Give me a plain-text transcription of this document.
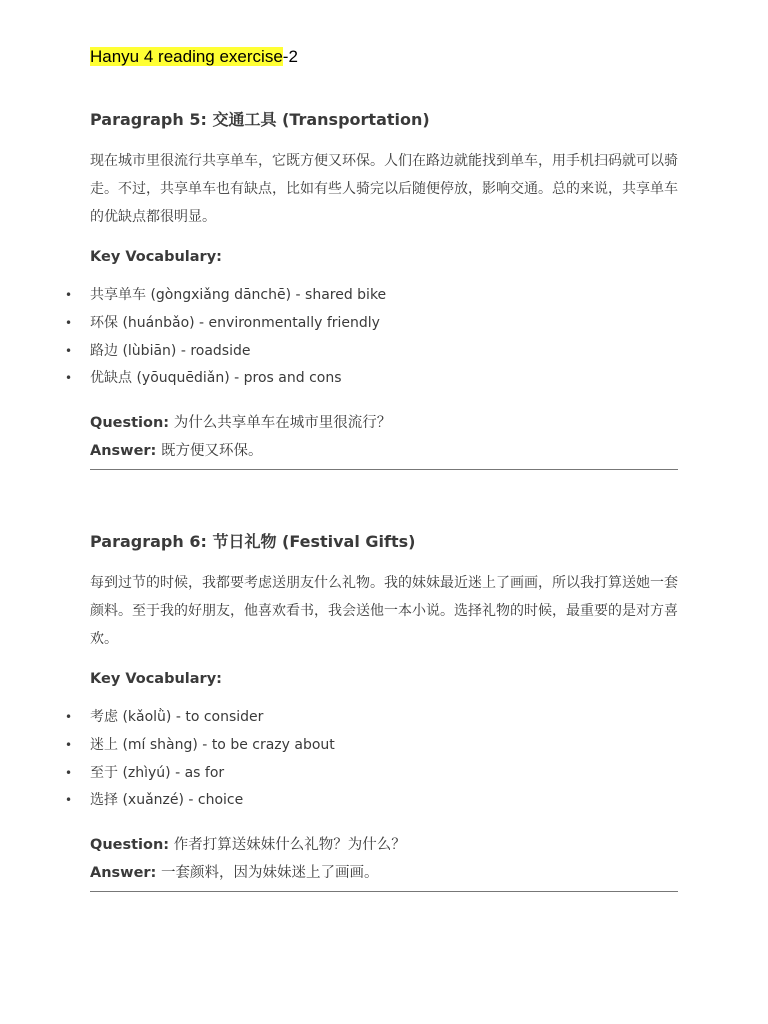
Hanyu 4 reading exercise-2
Paragraph 5: 交通工具 (Transportation)

现在城市里很流行共享单车，它既方便又环保。人们在路边就能找到单车，用手机扫码就可以骑走。不过，共享单车也有缺点，比如有些人骑完以后随便停放，影响交通。总的来说，共享单车的优缺点都很明显。

Key Vocabulary:

• 共享单车 (gòngxiǎng dānchē) - shared bike
• 环保 (huánbǎo) - environmentally friendly
• 路边 (lùbiān) - roadside
• 优缺点 (yōuquēdiǎn) - pros and cons

Question: 为什么共享单车在城市里很流行？

Answer: 既方便又环保。

Paragraph 6: 节日礼物 (Festival Gifts)

每到过节的时候，我都要考虑送朋友什么礼物。我的妹妹最近迷上了画画，所以我打算送她一套颜料。至于我的好朋友，他喜欢看书，我会送他一本小说。选择礼物的时候，最重要的是对方喜欢。

Key Vocabulary:

• 考虑 (kǎolǜ) - to consider
• 迷上 (mí shàng) - to be crazy about
• 至于 (zhìyú) - as for
• 选择 (xuǎnzé) - choice

Question: 作者打算送妹妹什么礼物？为什么？

Answer: 一套颜料，因为妹妹迷上了画画。
